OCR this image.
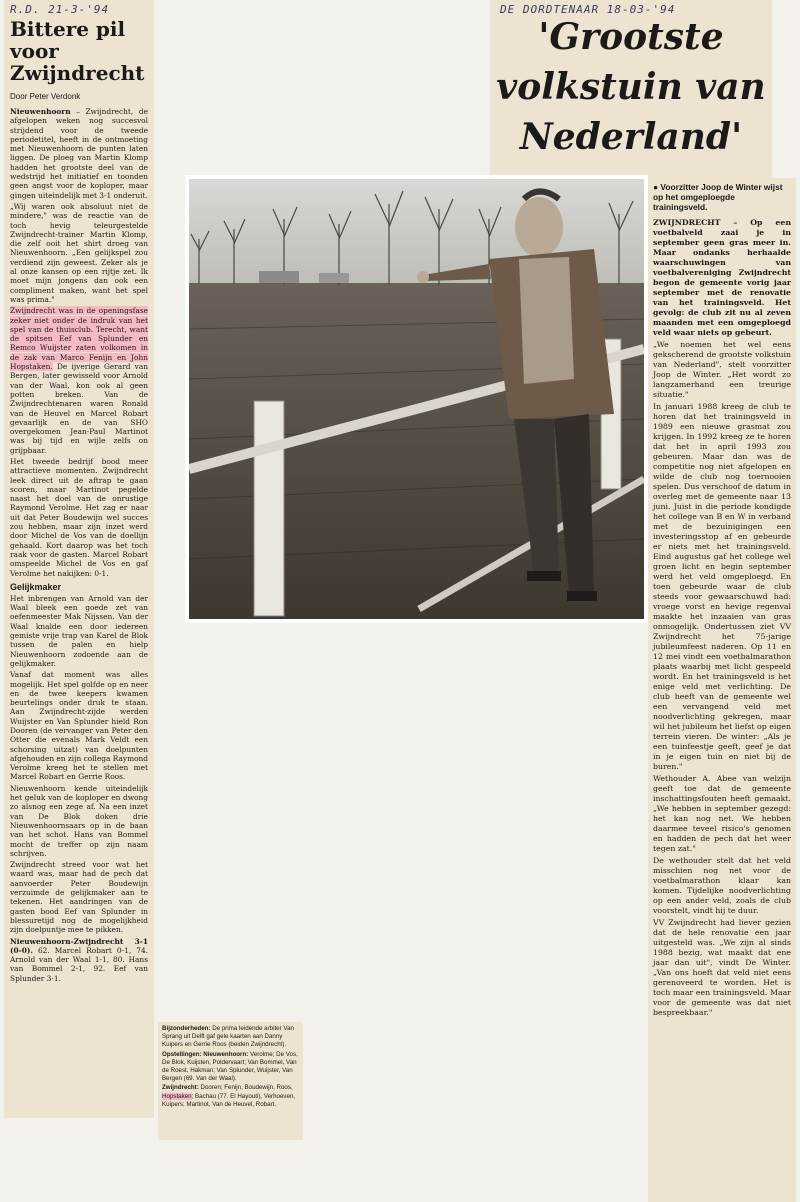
R.D. 21-3-'94
Bittere pil voor Zwijndrecht
Door Peter Verdonk

Nieuwenhoorn – Zwijndrecht, de afgelopen weken nog succesvol strijdend voor de tweede periodetitel, heeft in de ontmoeting met Nieuwenhoorn de punten laten liggen. De ploeg van Martin Klomp hadden het grootste deel van de wedstrijd het initiatief en toonden geen angst voor de koploper, maar gingen uiteindelijk met 3-1 onderuit.

„Wij waren ook absoluut niet de mindere," was de reactie van de toch hevig teleurgestelde Zwijndrecht-trainer Martin Klomp, die zelf ooit het shirt droeg van Nieuwenhoorn. „Een gelijkspel zou verdiend zijn geweest. Zeker als je al onze kansen op een rijtje zet. Ik moet mijn jongens dan ook een compliment maken, want het spel was prima."

Zwijndrecht was in de openingsfase zeker niet onder de indruk van het spel van de thuisclub. Terecht, want de spitsen Eef van Splunder en Remco Wuijster zaten volkomen in de zak van Marco Fenijn en John Hopstaken. De ijverige Gerard van Bergen, later gewisseld voor Arnold van der Waal, kon ook al geen potten breken. Van de Zwijndrechtenaren waren Ronald van de Heuvel en Marcel Robart gevaarlijk en de van SHO overgekomen Jean-Paul Martinot was bij tijd en wijle zelfs on grijpbaar.

Het tweede bedrijf bood meer attractieve momenten. Zwijndrecht leek direct uit de aftrap te gaan scoren, maar Martinot pegelde naast het doel van de onrustige Raymond Verolme. Het zag er naar uit dat Peter Boudewijn wel succes zou hebben, maar zijn inzet werd door Michel de Vos van de doellijn gehaald. Kort daarop was het toch raak voor de gasten. Marcel Robart omspeelde Michel de Vos en gaf Verolme het nakijken: 0-1.

Gelijkmaker

Het inbrengen van Arnold van der Waal bleek een goede zet van oefenmeester Mak Nijssen. Van der Waal knalde een door iedereen gemiste vrije trap van Karel de Blok tussen de palen en hielp Nieuwenhoorn zodoende aan de gelijkmaker.

Vanaf dat moment was alles mogelijk. Het spel golfde op en neer en de twee keepers kwamen beurtelings onder druk te staan. Aan Zwijndrecht-zijde werden Wuijster en Van Splunder hield Ron Dooren (de vervanger van Peter den Otter die evenals Mark Veldt een schorsing uitzat) van doelpunten afgehouden en zijn collega Raymond Verolme kreeg het te stellen met Marcel Robart en Gerrie Roos.

Nieuwenhoorn kende uiteindelijk het geluk van de koploper en dwong zo alsnog een zege af. Na een inzet van De Blok doken drie Nieuwenhoornsaars op in de baan van het schot. Hans van Bommel mocht de treffer op zijn naam schrijven.

Zwijndrecht streed voor wat het waard was, maar had de pech dat aanvoerder Peter Boudewijn verzuimde de gelijkmaker aan te tekenen. Het aandringen van de gasten bood Eef van Splunder in blessuretijd nog de mogelijkheid zijn doelpuntje mee te pikken.

Nieuwenhoorn-Zwijndrecht 3-1 (0-0). 62. Marcel Robart 0-1, 74. Arnold van der Waal 1-1, 80. Hans van Bommel 2-1, 92. Eef van Splunder 3-1.

DE DORDTENAAR 18-03-'94
'Grootste volkstuin van Nederland'
● Voorzitter Joop de Winter wijst op het omgeploegde trainingsveld.

ZWIJNDRECHT – Op een voetbalveld zaai je in september geen gras meer in. Maar ondanks herhaalde waarschuwingen van voetbalvereniging Zwijndrecht begon de gemeente vorig jaar september met de renovatie van het trainingsveld. Het gevolg: de club zit nu al zeven maanden met een omgeploegd veld waar niets op gebeurt.

„We noemen het wel eens gekscherend de grootste volkstuin van Nederland", stelt voorzitter Joop de Winter. „Het wordt zo langzamerhand een treurige situatie."

In januari 1988 kreeg de club te horen dat het trainingsveld in 1989 een nieuwe grasmat zou krijgen. In 1992 kreeg ze te horen dat het in april 1993 zou gebeuren. Maar dan was de competitie nog niet afgelopen en wilde de club nog toernooien spelen. Dus verschoof de datum in overleg met de gemeente naar 13 juni. Juist in die periode kondigde het college van B en W in verband met de bezuinigingen een investeringsstop af en gebeurde er niets met het trainingsveld. Eind augustus gaf het college wel groen licht en begin september werd het veld omgeploegd. En toen gebeurde waar de club steeds voor gewaarschuwd had: vroege vorst en hevige regenval maakte het inzaaien van gras onmogelijk. Ondertussen ziet VV Zwijndrecht het 75-jarige jubileumfeest naderen. Op 11 en 12 mei vindt een voetbalmarathon plaats waarbij met licht gespeeld wordt. En het trainingsveld is het enige veld met verlichting. De club heeft van de gemeente wel een vervangend veld met noodverlichting gekregen, maar wil het jubileum het liefst op eigen terrein vieren. De winter: „Als je een tuinfeestje geeft, geef je dat in je eigen tuin en niet bij de buren."

Wethouder A. Abee van welzijn geeft toe dat de gemeente inschattingsfouten heeft gemaakt. „We hebben in september gezegd: het kan nog net. We hebben daarmee teveel risico's genomen en hadden de pech dat het weer tegen zat."

De wethouder stelt dat het veld misschien nog net voor de voetbalmarathon klaar kan komen. Tijdelijke noodverlichting op een ander veld, zoals de club voorstelt, vindt hij te duur.

VV Zwijndrecht had liever gezien dat de hele renovatie een jaar uitgesteld was. „We zijn al sinds 1988 bezig, wat maakt dat ene jaar dan uit", vindt De Winter. „Van ons hoeft dat veld niet eens gerenoveerd te worden. Het is toch maar een trainingsveld. Maar voor de gemeente was dat niet bespreekbaar."

Bijzonderheden: De prima leidende arbiter Van Sprang uit Delft gaf gele kaarten aan Danny Kuipers en Gerrie Roos (beiden Zwijndrecht).

Opstellingen: Nieuwenhoorn: Verolme; De Vos, De Blok, Kuijsten, Poldervaart; Van Bommel, Van de Roest, Hakman; Van Splunder, Wuijster, Van Bergen (69. Van der Waal).

Zwijndrecht: Dooren; Fenijn, Boudewijn, Roos, Hopstaken; Bachau (77. El Hayouti), Verhoeven, Kuipers; Martinot, Van de Heuvel, Robart.
